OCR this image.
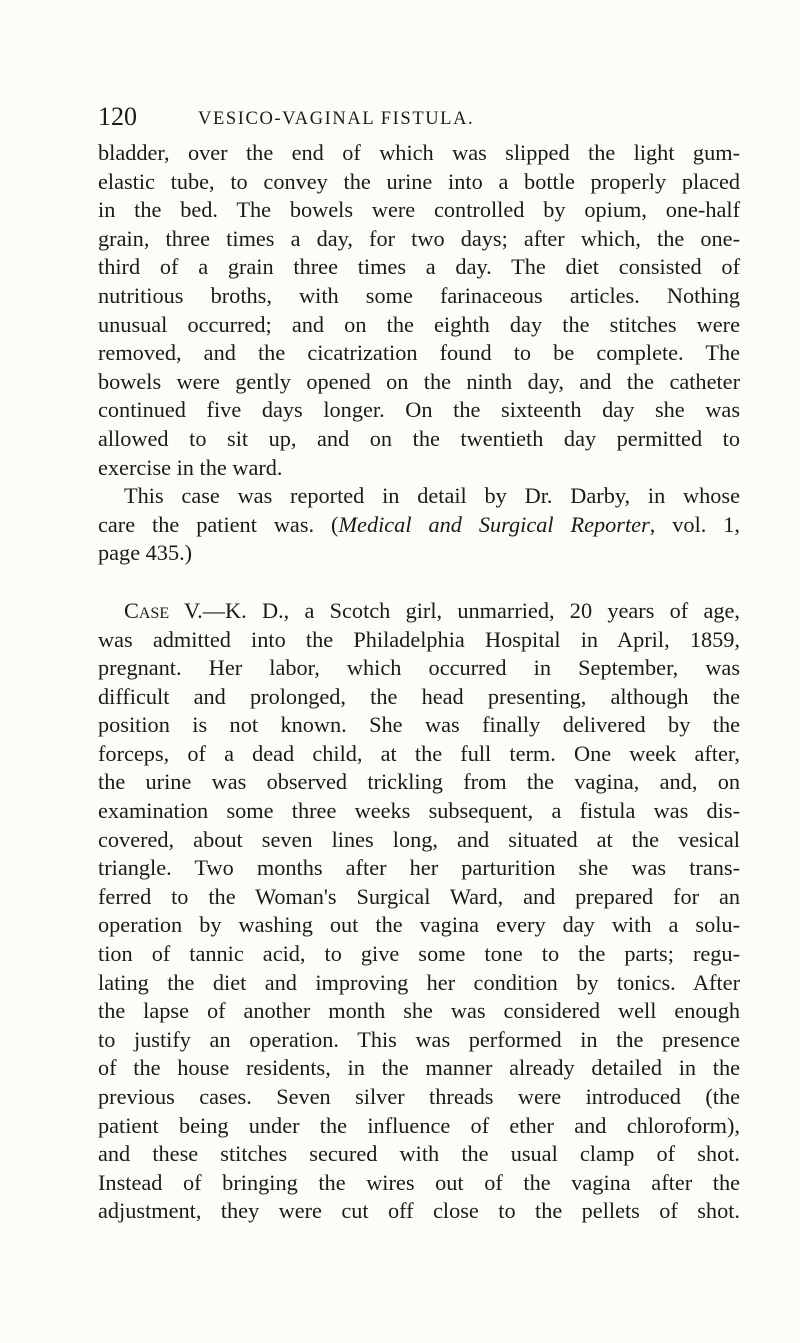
120	VESICO-VAGINAL FISTULA.
bladder, over the end of which was slipped the light gum-
elastic tube, to convey the urine into a bottle properly placed
in the bed. The bowels were controlled by opium, one-half
grain, three times a day, for two days; after which, the one-
third of a grain three times a day. The diet consisted of
nutritious broths, with some farinaceous articles. Nothing
unusual occurred; and on the eighth day the stitches were
removed, and the cicatrization found to be complete. The
bowels were gently opened on the ninth day, and the catheter
continued five days longer. On the sixteenth day she was
allowed to sit up, and on the twentieth day permitted to
exercise in the ward.
This case was reported in detail by Dr. Darby, in whose
care the patient was. (Medical and Surgical Reporter, vol. 1,
page 435.)
Case V.—K. D., a Scotch girl, unmarried, 20 years of age,
was admitted into the Philadelphia Hospital in April, 1859,
pregnant. Her labor, which occurred in September, was
difficult and prolonged, the head presenting, although the
position is not known. She was finally delivered by the
forceps, of a dead child, at the full term. One week after,
the urine was observed trickling from the vagina, and, on
examination some three weeks subsequent, a fistula was dis-
covered, about seven lines long, and situated at the vesical
triangle. Two months after her parturition she was trans-
ferred to the Woman's Surgical Ward, and prepared for an
operation by washing out the vagina every day with a solu-
tion of tannic acid, to give some tone to the parts; regu-
lating the diet and improving her condition by tonics. After
the lapse of another month she was considered well enough
to justify an operation. This was performed in the presence
of the house residents, in the manner already detailed in the
previous cases. Seven silver threads were introduced (the
patient being under the influence of ether and chloroform),
and these stitches secured with the usual clamp of shot.
Instead of bringing the wires out of the vagina after the
adjustment, they were cut off close to the pellets of shot.
